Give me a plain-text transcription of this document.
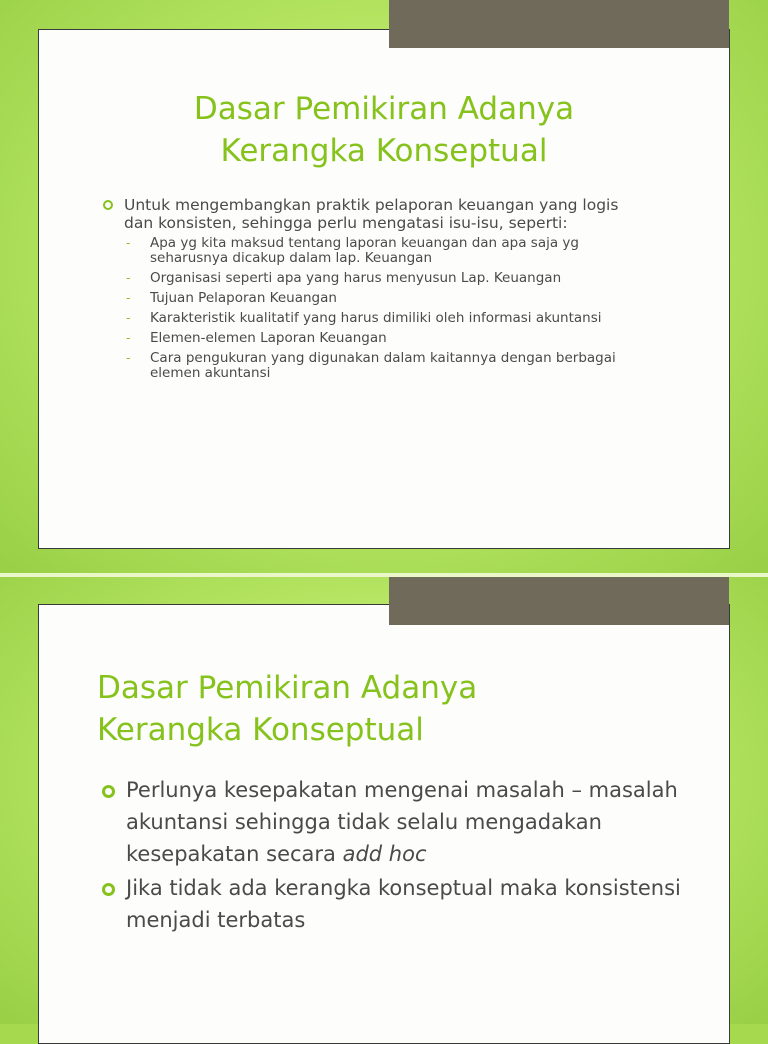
Dasar Pemikiran Adanya
Kerangka Konseptual
Untuk mengembangkan praktik pelaporan keuangan yang logis dan konsisten, sehingga perlu mengatasi isu-isu, seperti:
- Apa yg kita maksud tentang laporan keuangan dan apa saja yg seharusnya dicakup dalam lap. Keuangan
- Organisasi seperti apa yang harus menyusun Lap. Keuangan
- Tujuan Pelaporan Keuangan
- Karakteristik kualitatif yang harus dimiliki oleh informasi akuntansi
- Elemen-elemen Laporan Keuangan
- Cara pengukuran yang digunakan dalam kaitannya dengan berbagai elemen akuntansi
Dasar Pemikiran Adanya
Kerangka Konseptual
Perlunya kesepakatan mengenai masalah – masalah akuntansi sehingga tidak selalu mengadakan kesepakatan secara add hoc
Jika tidak ada kerangka konseptual maka konsistensi menjadi terbatas
